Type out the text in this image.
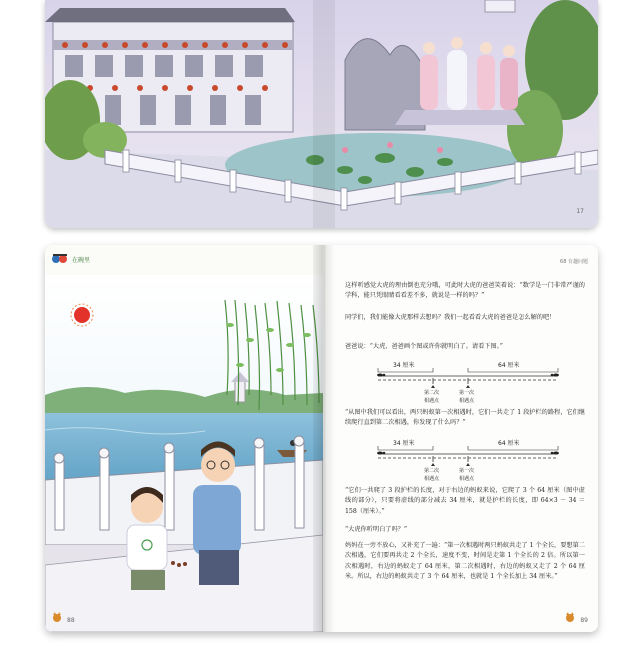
17
在碗里
88
68 有趣问题

这样听感觉大虎的理由倒也充分哦，可此时大虎的爸爸笑着说：“数学是一门非常严谨的学科，能只凭眼睛看看差不多，就说是一样的吗？”

同学们，我们能像大虎那样去想吗？我们一起看看大虎的爸爸是怎么解的吧！

爸爸说：“大虎，爸爸画个图或许你就明白了。请看下图。”

34 厘米	64 厘米
第二次	第一次
相遇点	相遇点

“从图中我们可以看出，两只蚂蚁第一次相遇时，它们一共走了 1 段护栏的路程，它们继续爬行直到第二次相遇，你发现了什么吗？”

34 厘米	64 厘米
第二次	第一次
相遇点	相遇点

“它们一共爬了 3 段护栏的长度，对于右边的蚂蚁来说，它爬了 3 个 64 厘米（图中虚线的部分），只要将虚线的部分减去 34 厘米，就是护栏的长度，即 64×3 － 34 ＝ 158（厘米）。”

“大虎你听明白了吗？”

妈妈在一旁不放心，又补充了一遍：“第一次相遇时两只蚂蚁共走了 1 个全长，要想第二次相遇，它们要再共走 2 个全长，速度不变，时间是走第 1 个全长的 2 倍。所以第一次相遇时，右边的蚂蚁走了 64 厘米，第二次相遇时，右边的蚂蚁又走了 2 个 64 厘米。所以，右边的蚂蚁共走了 3 个 64 厘米，也就是 1 个全长加上 34 厘米。”

89
